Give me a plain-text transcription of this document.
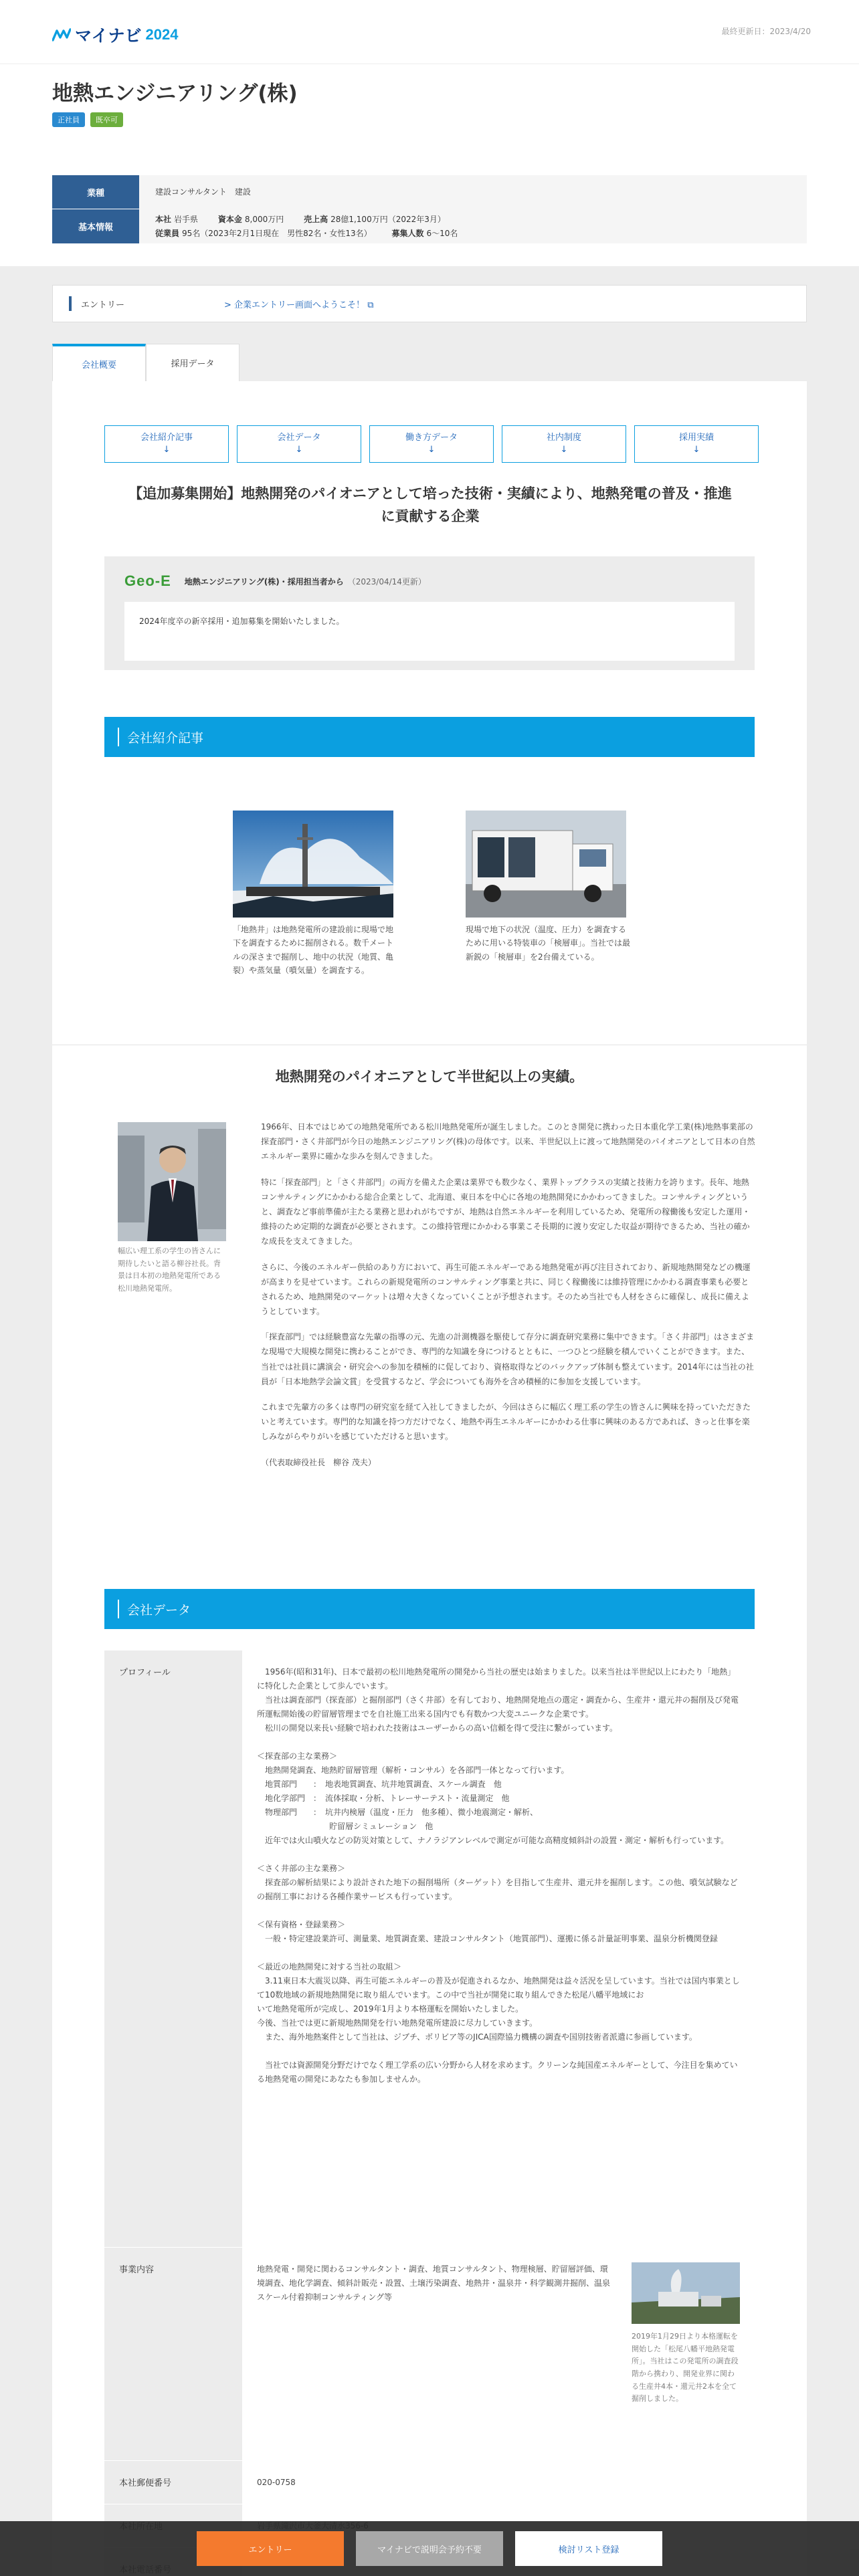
マイナビ 2024	最終更新日：2023/4/20
地熱エンジニアリング(株)
正社員	既卒可
業種	建設コンサルタント　建設
基本情報
本社 岩手県 資本金 8,000万円 売上高 28億1,100万円（2022年3月）
従業員 95名（2023年2月1日現在　男性82名・女性13名） 募集人数 6〜10名
エントリー	> 企業エントリー画面へようこそ！ ⧉
会社概要	採用データ
会社紹介記事
↓
会社データ
↓
働き方データ
↓
社内制度
↓
採用実績
↓
【追加募集開始】地熱開発のパイオニアとして培った技術・実績により、地熱発電の普及・推進に貢献する企業
Geo-E 地熱エンジニアリング(株)・採用担当者から （2023/04/14更新）
2024年度卒の新卒採用・追加募集を開始いたしました。
会社紹介記事
「地熱井」は地熱発電所の建設前に現場で地下を調査するために掘削される。数千メートルの深さまで掘削し、地中の状況（地質、亀裂）や蒸気量（噴気量）を調査する。
現場で地下の状況（温度、圧力）を調査するために用いる特装車の「検層車」。当社では最新鋭の「検層車」を2台備えている。
地熱開発のパイオニアとして半世紀以上の実績。
幅広い理工系の学生の皆さんに期待したいと語る柳谷社長。背景は日本初の地熱発電所である松川地熱発電所。

1966年、日本ではじめての地熱発電所である松川地熱発電所が誕生しました。このとき開発に携わった日本重化学工業(株)地熱事業部の探査部門・さく井部門が今日の地熱エンジニアリング(株)の母体です。以来、半世紀以上に渡って地熱開発のパイオニアとして日本の自然エネルギー業界に確かな歩みを刻んできました。

特に「探査部門」と「さく井部門」の両方を備えた企業は業界でも数少なく、業界トップクラスの実績と技術力を誇ります。長年、地熱コンサルティングにかかわる総合企業として、北海道、東日本を中心に各地の地熱開発にかかわってきました。コンサルティングというと、調査など事前準備が主たる業務と思われがちですが、地熱は自然エネルギーを利用しているため、発電所の稼働後も安定した運用・維持のため定期的な調査が必要とされます。この維持管理にかかわる事業こそ長期的に渡り安定した収益が期待できるため、当社の確かな成長を支えてきました。

さらに、今後のエネルギー供給のあり方において、再生可能エネルギーである地熱発電が再び注目されており、新規地熱開発などの機運が高まりを見せています。これらの新規発電所のコンサルティング事業と共に、同じく稼働後には維持管理にかかわる調査事業も必要とされるため、地熱開発のマーケットは増々大きくなっていくことが予想されます。そのため当社でも人材をさらに確保し、成長に備えようとしています。

「探査部門」では経験豊富な先輩の指導の元、先進の計測機器を駆使して存分に調査研究業務に集中できます。「さく井部門」はさまざまな現場で大規模な開発に携わることができ、専門的な知識を身につけるとともに、一つひとつ経験を積んでいくことができます。また、当社では社員に講演会・研究会への参加を積極的に促しており、資格取得などのバックアップ体制も整えています。2014年には当社の社員が「日本地熱学会論文賞」を受賞するなど、学会についても海外を含め積極的に参加を支援しています。

これまで先輩方の多くは専門の研究室を経て入社してきましたが、今回はさらに幅広く理工系の学生の皆さんに興味を持っていただきたいと考えています。専門的な知識を持つ方だけでなく、地熱や再生エネルギーにかかわる仕事に興味のある方であれば、きっと仕事を楽しみながらやりがいを感じていただけると思います。

（代表取締役社長　柳谷 茂夫）

会社データ
プロフィール	　1956年(昭和31年)、日本で最初の松川地熱発電所の開発から当社の歴史は始まりました。以来当社は半世紀以上にわたり「地熱」に特化した企業として歩んでいます。
　当社は調査部門（探査部）と掘削部門（さく井部）を有しており、地熱開発地点の選定・調査から、生産井・還元井の掘削及び発電所運転開始後の貯留層管理までを自社施工出来る国内でも有数かつ大変ユニークな企業です。
　松川の開発以来長い経験で培われた技術はユーザーからの高い信頼を得て受注に繋がっています。

＜探査部の主な業務＞
　地熱開発調査、地熱貯留層管理（解析・コンサル）を各部門一体となって行います。
　地質部門　　：　地表地質調査、坑井地質調査、スケール調査　他
　地化学部門　：　流体採取・分析、トレーサーテスト・流量測定　他
　物理部門　　：　坑井内検層（温度・圧力　他多種）、微小地震測定・解析、
　　　　　　　　　貯留層シミュレーション　他
　近年では火山噴火などの防災対策として、ナノラジアンレベルで測定が可能な高精度傾斜計の設置・測定・解析も行っています。

＜さく井部の主な業務＞
　探査部の解析結果により設計された地下の掘削場所（ターゲット）を目指して生産井、還元井を掘削します。この他、噴気試験などの掘削工事における各種作業サービスも行っています。

＜保有資格・登録業務＞
　一般・特定建設業許可、測量業、地質調査業、建設コンサルタント（地質部門）、運搬に係る計量証明事業、温泉分析機関登録

＜最近の地熱開発に対する当社の取組＞
　3.11東日本大震災以降、再生可能エネルギーの普及が促進されるなか、地熱開発は益々活況を呈しています。当社では国内事業として10数地域の新規地熱開発に取り組んでいます。この中で当社が開発に取り組んできた松尾八幡平地域にお
いて地熱発電所が完成し、2019年1月より本格運転を開始いたしました。
今後、当社では更に新規地熱開発を行い地熱発電所建設に尽力していきます。
　また、海外地熱案件として当社は、ジブチ、ボリビア等のJICA国際協力機構の調査や国別技術者派遣に参画しています。

　当社では資源開発分野だけでなく理工学系の広い分野から人材を求めます。クリーンな純国産エネルギーとして、今注目を集めている地熱発電の開発にあなたも参加しませんか。
事業内容	地熱発電・開発に関わるコンサルタント・調査、地質コンサルタント、物理検層、貯留層評価、環境調査、地化学調査、傾斜計販売・設置、土壌汚染調査、地熱井・温泉井・科学観測井掘削、温泉スケール付着抑制コンサルティング等
2019年1月29日より本格運転を開始した「松尾八幡平地熱発電所」。当社はこの発電所の調査段階から携わり、開発业界に関わる生産井4本・還元井2本を全て掘削しました。
本社郵便番号	020-0758
エントリー	マイナビで説明会予約不要	検討リスト登録
